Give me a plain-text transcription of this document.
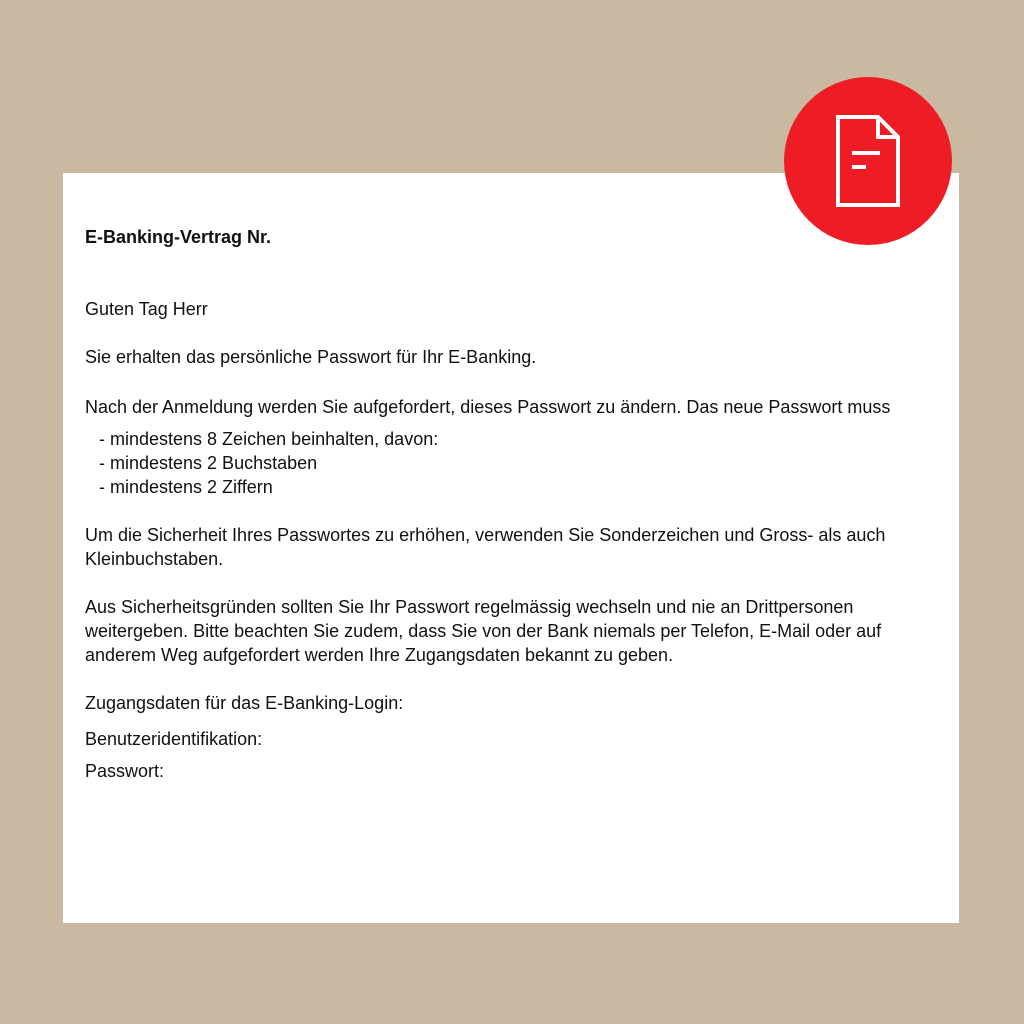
E-Banking-Vertrag Nr.

Guten Tag Herr

Sie erhalten das persönliche Passwort für Ihr E-Banking.

Nach der Anmeldung werden Sie aufgefordert, dieses Passwort zu ändern. Das neue Passwort muss

- mindestens 8 Zeichen beinhalten, davon:
- mindestens 2 Buchstaben
- mindestens 2 Ziffern

Um die Sicherheit Ihres Passwortes zu erhöhen, verwenden Sie Sonderzeichen und Gross- als auch Kleinbuchstaben.

Aus Sicherheitsgründen sollten Sie Ihr Passwort regelmässig wechseln und nie an Drittpersonen weitergeben. Bitte beachten Sie zudem, dass Sie von der Bank niemals per Telefon, E-Mail oder auf anderem Weg aufgefordert werden Ihre Zugangsdaten bekannt zu geben.

Zugangsdaten für das E-Banking-Login:

Benutzeridentifikation:

Passwort:
